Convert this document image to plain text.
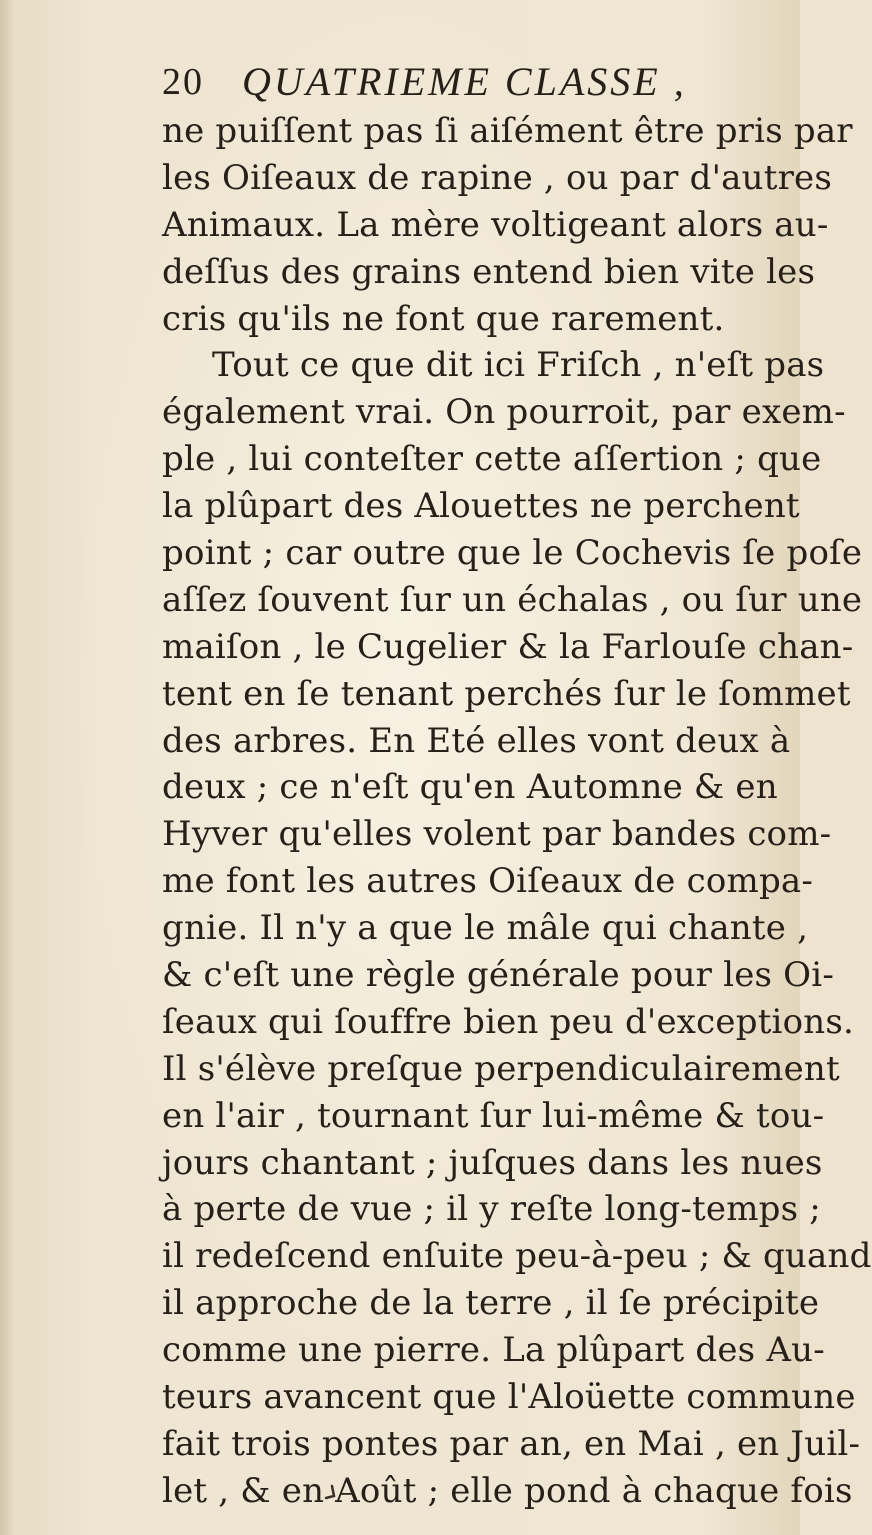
20 QUATRIEME CLASSE ,
ne puiſſent pas ſi aiſément être pris par
les Oiſeaux de rapine , ou par d'autres
Animaux. La mère voltigeant alors au-
deſſus des grains entend bien vite les
cris qu'ils ne font que rarement.
Tout ce que dit ici Friſch , n'eſt pas
également vrai. On pourroit, par exem-
ple , lui conteſter cette aſſertion ; que
la plûpart des Alouettes ne perchent
point ; car outre que le Cochevis ſe poſe
aſſez ſouvent ſur un échalas , ou ſur une
maiſon , le Cugelier & la Farlouſe chan-
tent en ſe tenant perchés ſur le ſommet
des arbres. En Eté elles vont deux à
deux ; ce n'eſt qu'en Automne & en
Hyver qu'elles volent par bandes com-
me font les autres Oiſeaux de compa-
gnie. Il n'y a que le mâle qui chante ,
& c'eſt une règle générale pour les Oi-
ſeaux qui ſouffre bien peu d'exceptions.
Il s'élève preſque perpendiculairement
en l'air , tournant ſur lui-même & tou-
jours chantant ; juſques dans les nues
à perte de vue ; il y reſte long-temps ;
il redeſcend enſuite peu-à-peu ; & quand
il approche de la terre , il ſe précipite
comme une pierre. La plûpart des Au-
teurs avancent que l'Aloüette commune
fait trois pontes par an, en Mai , en Juil-
let , & en Août ; elle pond à chaque fois
